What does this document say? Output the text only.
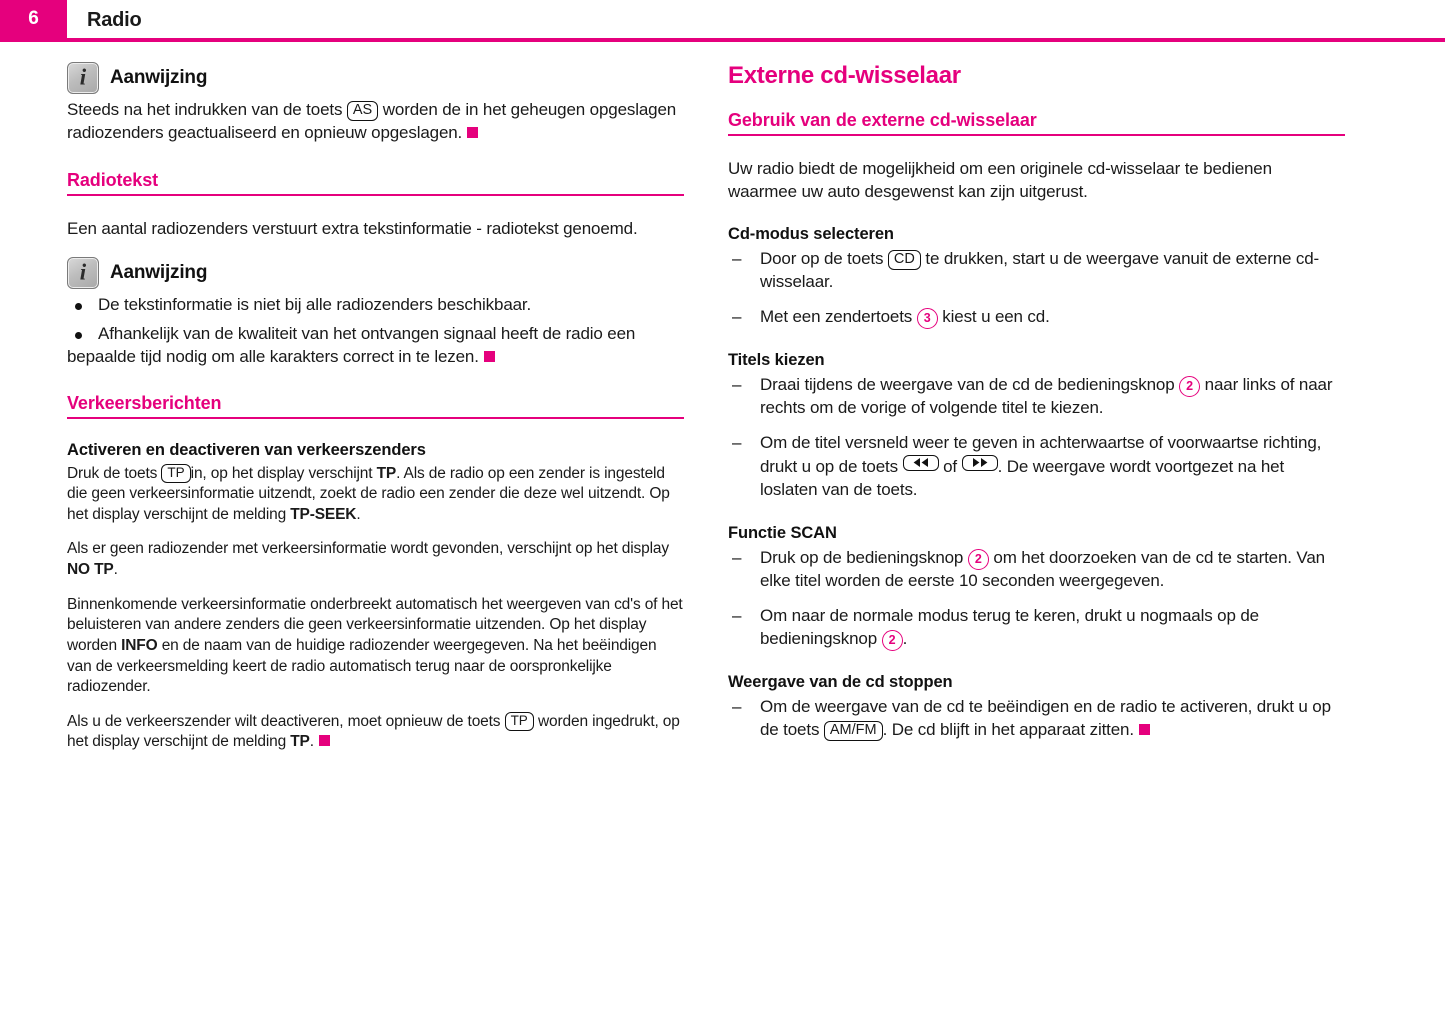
6	Radio
i
Aanwijzing

Steeds na het indrukken van de toets AS worden de in het geheugen opgeslagen radiozenders geactualiseerd en opnieuw opgeslagen.

Radiotekst

Een aantal radiozenders verstuurt extra tekstinformatie - radiotekst genoemd.

i
Aanwijzing
De tekstinformatie is niet bij alle radiozenders beschikbaar.
Afhankelijk van de kwaliteit van het ontvangen signaal heeft de radio een bepaalde tijd nodig om alle karakters correct in te lezen.
Verkeersberichten
Activeren en deactiveren van verkeerszenders

Druk de toets TP in, op het display verschijnt TP. Als de radio op een zender is ingesteld die geen verkeersinformatie uitzendt, zoekt de radio een zender die deze wel uitzendt. Op het display verschijnt de melding TP-SEEK.

Als er geen radiozender met verkeersinformatie wordt gevonden, verschijnt op het display NO TP.

Binnenkomende verkeersinformatie onderbreekt automatisch het weergeven van cd's of het beluisteren van andere zenders die geen verkeersinformatie uitzenden. Op het display worden INFO en de naam van de huidige radiozender weergegeven. Na het beëindigen van de verkeersmelding keert de radio automatisch terug naar de oorspronkelijke radiozender.

Als u de verkeerszender wilt deactiveren, moet opnieuw de toets TP worden ingedrukt, op het display verschijnt de melding TP.

Externe cd-wisselaar
Gebruik van de externe cd-wisselaar

Uw radio biedt de mogelijkheid om een originele cd-wisselaar te bedienen waarmee uw auto desgewenst kan zijn uitgerust.

Cd-modus selecteren
– Door op de toets CD te drukken, start u de weergave vanuit de externe cd-wisselaar.
– Met een zendertoets 3 kiest u een cd.
Titels kiezen
– Draai tijdens de weergave van de cd de bedieningsknop 2 naar links of naar rechts om de vorige of volgende titel te kiezen.
– Om de titel versneld weer te geven in achterwaartse of voorwaartse richting, drukt u op de toets
of
. De weergave wordt voortgezet na het loslaten van de toets.
Functie SCAN
– Druk op de bedieningsknop 2 om het doorzoeken van de cd te starten. Van elke titel worden de eerste 10 seconden weergegeven.
– Om naar de normale modus terug te keren, drukt u nogmaals op de bedieningsknop 2 .
Weergave van de cd stoppen
– Om de weergave van de cd te beëindigen en de radio te activeren, drukt u op de toets AM/FM . De cd blijft in het apparaat zitten.
